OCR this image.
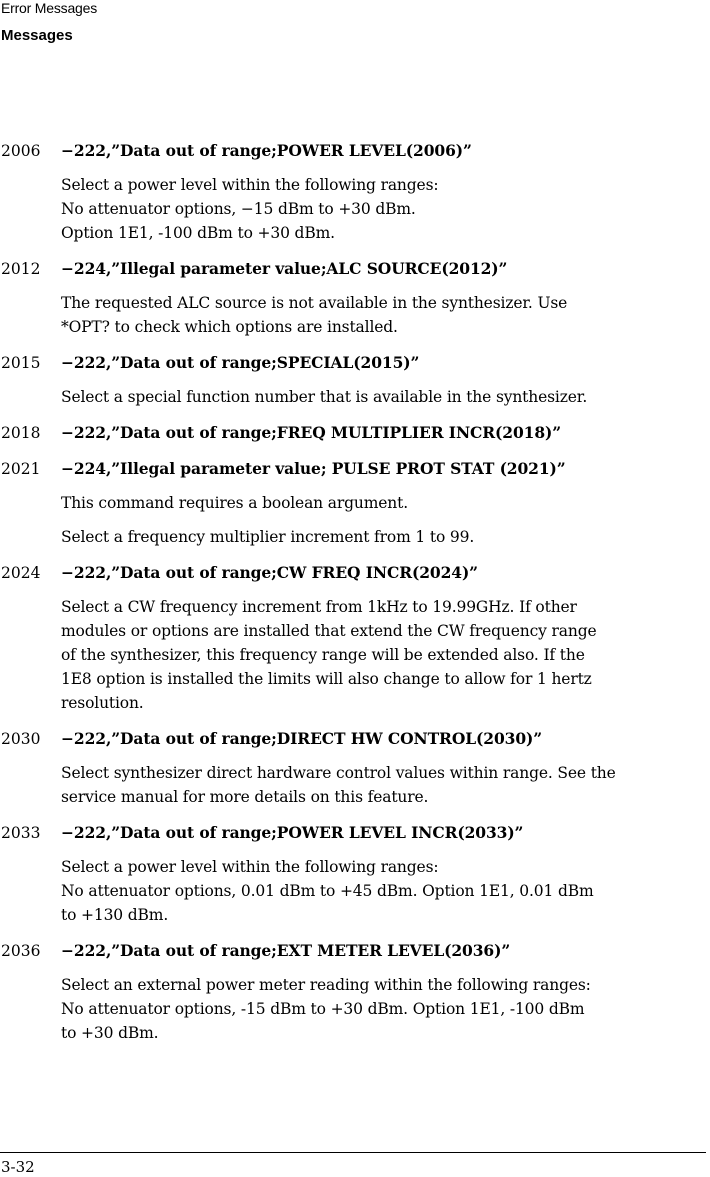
Error Messages
Messages
2006 −222,”Data out of range;POWER LEVEL(2006)”
Select a power level within the following ranges:
No attenuator options, −15 dBm to +30 dBm.
Option 1E1, -100 dBm to +30 dBm.
2012 −224,”Illegal parameter value;ALC SOURCE(2012)”
The requested ALC source is not available in the synthesizer. Use
*OPT? to check which options are installed.
2015 −222,”Data out of range;SPECIAL(2015)”
Select a special function number that is available in the synthesizer.
2018 −222,”Data out of range;FREQ MULTIPLIER INCR(2018)”
2021 −224,”Illegal parameter value; PULSE PROT STAT (2021)”
This command requires a boolean argument.
Select a frequency multiplier increment from 1 to 99.
2024 −222,”Data out of range;CW FREQ INCR(2024)”
Select a CW frequency increment from 1kHz to 19.99GHz. If other
modules or options are installed that extend the CW frequency range
of the synthesizer, this frequency range will be extended also. If the
1E8 option is installed the limits will also change to allow for 1 hertz
resolution.
2030 −222,”Data out of range;DIRECT HW CONTROL(2030)”
Select synthesizer direct hardware control values within range. See the
service manual for more details on this feature.
2033 −222,”Data out of range;POWER LEVEL INCR(2033)”
Select a power level within the following ranges:
No attenuator options, 0.01 dBm to +45 dBm. Option 1E1, 0.01 dBm
to +130 dBm.
2036 −222,”Data out of range;EXT METER LEVEL(2036)”
Select an external power meter reading within the following ranges:
No attenuator options, -15 dBm to +30 dBm. Option 1E1, -100 dBm
to +30 dBm.
3-32
